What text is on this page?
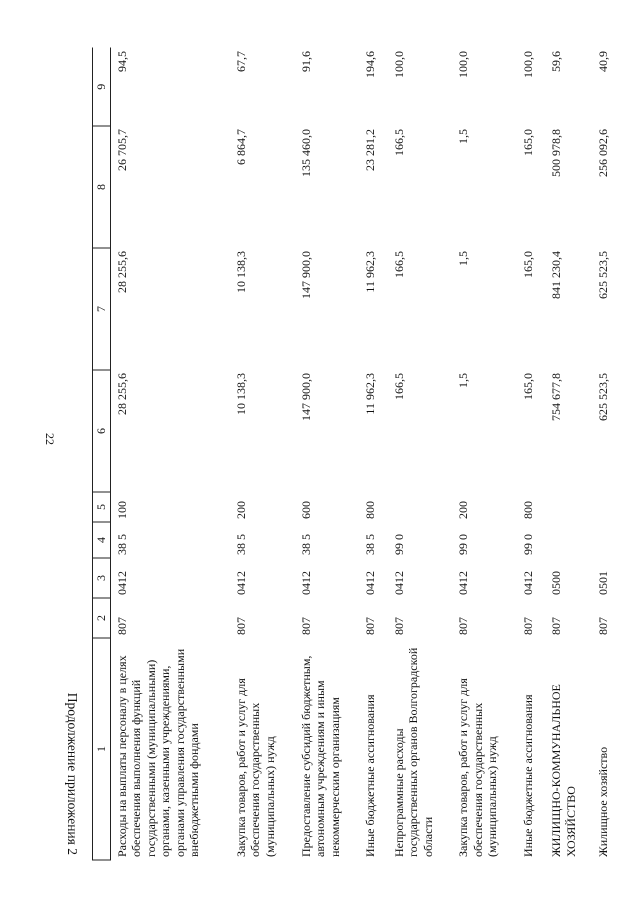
22
Продолжение приложения 2 1	2	3	4	5	6	7	8	9
Расходы на выплаты персоналу в целях обеспечения выполнения функций государственными (муниципальными) органами, казенными учреждениями, органами управления государственными внебюджетными фондами	807	0412	38 5	100	28 255,6	28 255,6	26 705,7	94,5
Закупка товаров, работ и услуг для обеспечения государственных (муниципальных) нужд	807	0412	38 5	200	10 138,3	10 138,3	6 864,7	67,7
Предоставление субсидий бюджетным, автономным учреждениям и иным некоммерческим организациям	807	0412	38 5	600	147 900,0	147 900,0	135 460,0	91,6
Иные бюджетные ассигнования	807	0412	38 5	800	11 962,3	11 962,3	23 281,2	194,6
Непрограммные расходы государственных органов Волгоградской области	807	0412	99 0		166,5	166,5	166,5	100,0
Закупка товаров, работ и услуг для обеспечения государственных (муниципальных) нужд	807	0412	99 0	200	1,5	1,5	1,5	100,0
Иные бюджетные ассигнования	807	0412	99 0	800	165,0	165,0	165,0	100,0
ЖИЛИЩНО-КОММУНАЛЬНОЕ ХОЗЯЙСТВО	807	0500			754 677,8	841 230,4	500 978,8	59,6
Жилищное хозяйство	807	0501			625 523,5	625 523,5	256 092,6	40,9
